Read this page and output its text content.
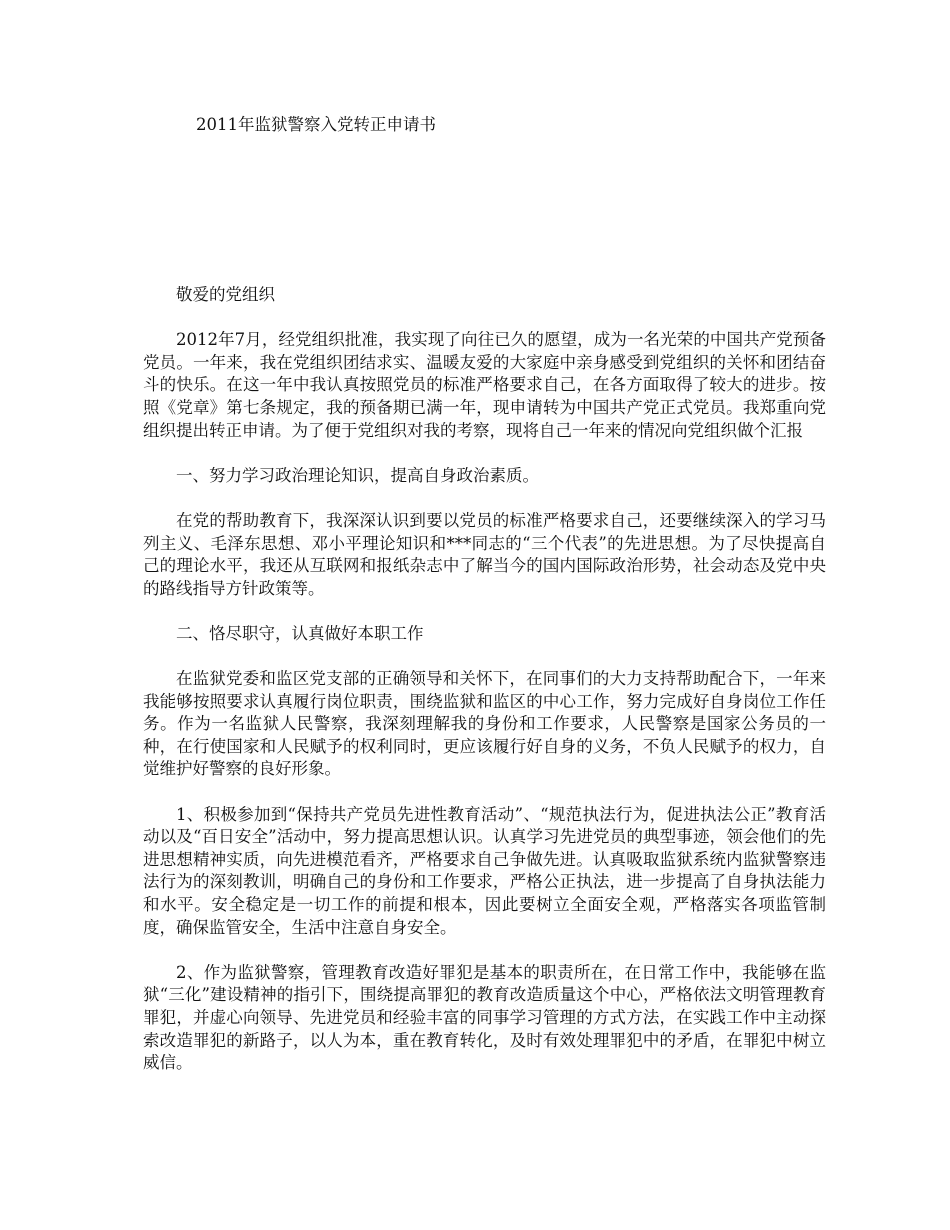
2011年监狱警察入党转正申请书

敬爱的党组织

2012年7月，经党组织批准，我实现了向往已久的愿望，成为一名光荣的中国共产党预备党员。一年来，我在党组织团结求实、温暖友爱的大家庭中亲身感受到党组织的关怀和团结奋斗的快乐。在这一年中我认真按照党员的标准严格要求自己，在各方面取得了较大的进步。按照《党章》第七条规定，我的预备期已满一年，现申请转为中国共产党正式党员。我郑重向党组织提出转正申请。为了便于党组织对我的考察，现将自己一年来的情况向党组织做个汇报

一、努力学习政治理论知识，提高自身政治素质。

在党的帮助教育下，我深深认识到要以党员的标准严格要求自己，还要继续深入的学习马列主义、毛泽东思想、邓小平理论知识和***同志的“三个代表”的先进思想。为了尽快提高自己的理论水平，我还从互联网和报纸杂志中了解当今的国内国际政治形势，社会动态及党中央的路线指导方针政策等。

二、恪尽职守，认真做好本职工作

在监狱党委和监区党支部的正确领导和关怀下，在同事们的大力支持帮助配合下，一年来我能够按照要求认真履行岗位职责，围绕监狱和监区的中心工作，努力完成好自身岗位工作任务。作为一名监狱人民警察，我深刻理解我的身份和工作要求，人民警察是国家公务员的一种，在行使国家和人民赋予的权利同时，更应该履行好自身的义务，不负人民赋予的权力，自觉维护好警察的良好形象。

1、积极参加到“保持共产党员先进性教育活动”、“规范执法行为，促进执法公正”教育活动以及“百日安全”活动中，努力提高思想认识。认真学习先进党员的典型事迹，领会他们的先进思想精神实质，向先进模范看齐，严格要求自己争做先进。认真吸取监狱系统内监狱警察违法行为的深刻教训，明确自己的身份和工作要求，严格公正执法，进一步提高了自身执法能力和水平。安全稳定是一切工作的前提和根本，因此要树立全面安全观，严格落实各项监管制度，确保监管安全，生活中注意自身安全。

2、作为监狱警察，管理教育改造好罪犯是基本的职责所在，在日常工作中，我能够在监狱“三化”建设精神的指引下，围绕提高罪犯的教育改造质量这个中心，严格依法文明管理教育罪犯，并虚心向领导、先进党员和经验丰富的同事学习管理的方式方法，在实践工作中主动探索改造罪犯的新路子，以人为本，重在教育转化，及时有效处理罪犯中的矛盾，在罪犯中树立威信。
